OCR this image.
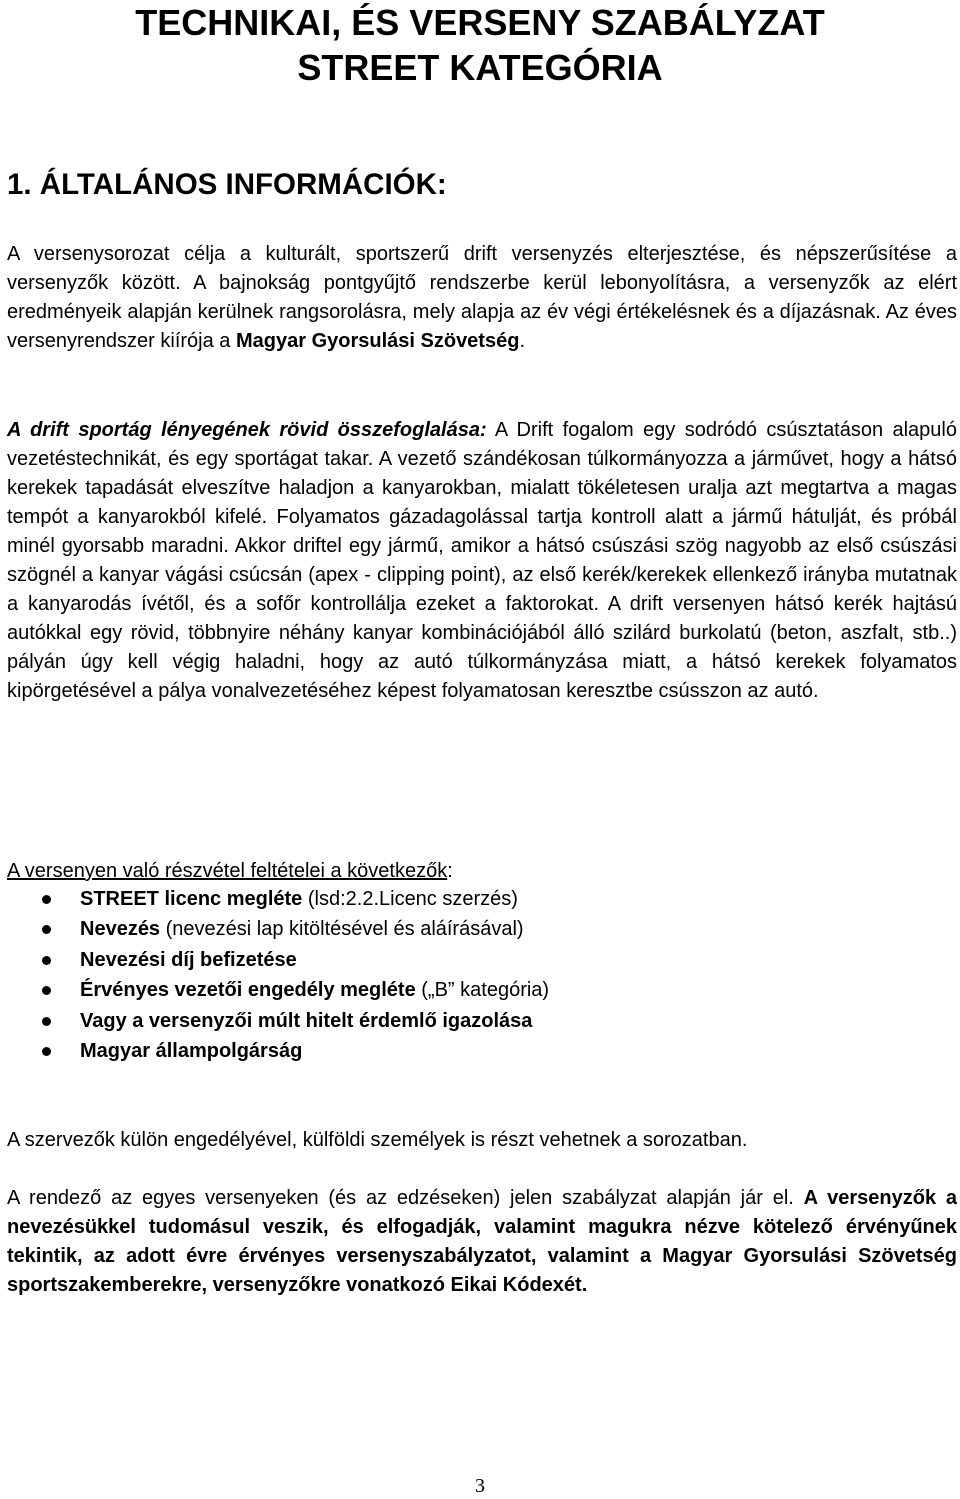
TECHNIKAI, ÉS VERSENY SZABÁLYZAT
STREET KATEGÓRIA
1. ÁLTALÁNOS INFORMÁCIÓK:

A versenysorozat célja a kulturált, sportszerű drift versenyzés elterjesztése, és népszerűsítése a versenyzők között. A bajnokság pontgyűjtő rendszerbe kerül lebonyolításra, a versenyzők az elért eredményeik alapján kerülnek rangsorolásra, mely alapja az év végi értékelésnek és a díjazásnak. Az éves versenyrendszer kiírója a Magyar Gyorsulási Szövetség.

A drift sportág lényegének rövid összefoglalása: A Drift fogalom egy sodródó csúsztatáson alapuló vezetéstechnikát, és egy sportágat takar. A vezető szándékosan túlkormányozza a járművet, hogy a hátsó kerekek tapadását elveszítve haladjon a kanyarokban, mialatt tökéletesen uralja azt megtartva a magas tempót a kanyarokból kifelé. Folyamatos gázadagolással tartja kontroll alatt a jármű hátulját, és próbál minél gyorsabb maradni. Akkor driftel egy jármű, amikor a hátsó csúszási szög nagyobb az első csúszási szögnél a kanyar vágási csúcsán (apex - clipping point), az első kerék/kerekek ellenkező irányba mutatnak a kanyarodás ívétől, és a sofőr kontrollálja ezeket a faktorokat. A drift versenyen hátsó kerék hajtású autókkal egy rövid, többnyire néhány kanyar kombinációjából álló szilárd burkolatú (beton, aszfalt, stb..) pályán úgy kell végig haladni, hogy az autó túlkormányzása miatt, a hátsó kerekek folyamatos kipörgetésével a pálya vonalvezetéséhez képest folyamatosan keresztbe csússzon az autó.

A versenyen való részvétel feltételei a következők:

STREET licenc megléte (lsd:2.2.Licenc szerzés)
Nevezés (nevezési lap kitöltésével és aláírásával)
Nevezési díj befizetése
Érvényes vezetői engedély megléte („B” kategória)
Vagy a versenyzői múlt hitelt érdemlő igazolása
Magyar állampolgárság

A szervezők külön engedélyével, külföldi személyek is részt vehetnek a sorozatban.

A rendező az egyes versenyeken (és az edzéseken) jelen szabályzat alapján jár el. A versenyzők a nevezésükkel tudomásul veszik, és elfogadják, valamint magukra nézve kötelező érvényűnek tekintik, az adott évre érvényes versenyszabályzatot, valamint a Magyar Gyorsulási Szövetség sportszakemberekre, versenyzőkre vonatkozó Eikai Kódexét.

3
